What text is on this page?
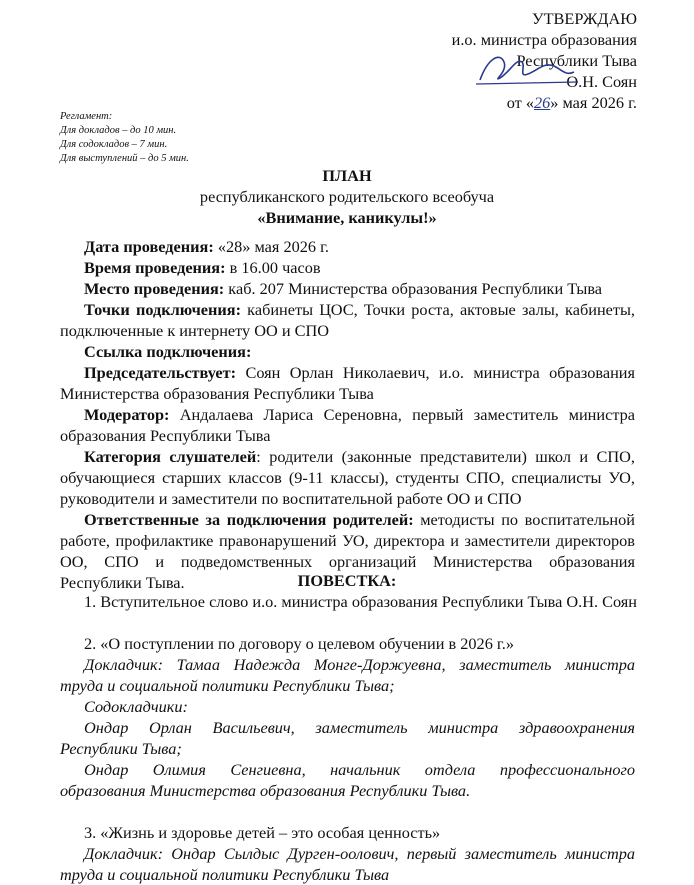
УТВЕРЖДАЮ
и.о. министра образования
Республики Тыва
О.Н. Соян
от «26» мая 2026 г.
Регламент:
Для докладов – до 10 мин.
Для содокладов – 7 мин.
Для выступлений – до 5 мин.
ПЛАН
республиканского родительского всеобуча
«Внимание, каникулы!»
Дата проведения: «28» мая 2026 г.
Время проведения: в 16.00 часов
Место проведения: каб. 207 Министерства образования Республики Тыва
Точки подключения: кабинеты ЦОС, Точки роста, актовые залы, кабинеты,
подключенные к интернету ОО и СПО
Ссылка подключения:
Председательствует: Соян Орлан Николаевич, и.о. министра образования
Министерства образования Республики Тыва
Модератор: Андалаева Лариса Сереновна, первый заместитель министра
образования Республики Тыва
Категория слушателей: родители (законные представители) школ и СПО,
обучающиеся старших классов (9-11 классы), студенты СПО, специалисты УО,
руководители и заместители по воспитательной работе ОО и СПО
Ответственные за подключения родителей: методисты по воспитательной
работе, профилактике правонарушений УО, директора и заместители директоров
ОО, СПО и подведомственных организаций Министерства образования
Республики Тыва.	ПОВЕСТКА:
1. Вступительное слово и.о. министра образования Республики Тыва О.Н. Соян
2. «О поступлении по договору о целевом обучении в 2026 г.»
Докладчик: Тамаа Надежда Монге-Доржуевна, заместитель министра
труда и социальной политики Республики Тыва;
Содокладчики:
Ондар Орлан Васильевич, заместитель министра здравоохранения
Республики Тыва;
Ондар Олимия Сенгиевна, начальник отдела профессионального
образования Министерства образования Республики Тыва.
3. «Жизнь и здоровье детей – это особая ценность»
Докладчик: Ондар Сылдыс Дурген-оолович, первый заместитель министра
труда и социальной политики Республики Тыва
